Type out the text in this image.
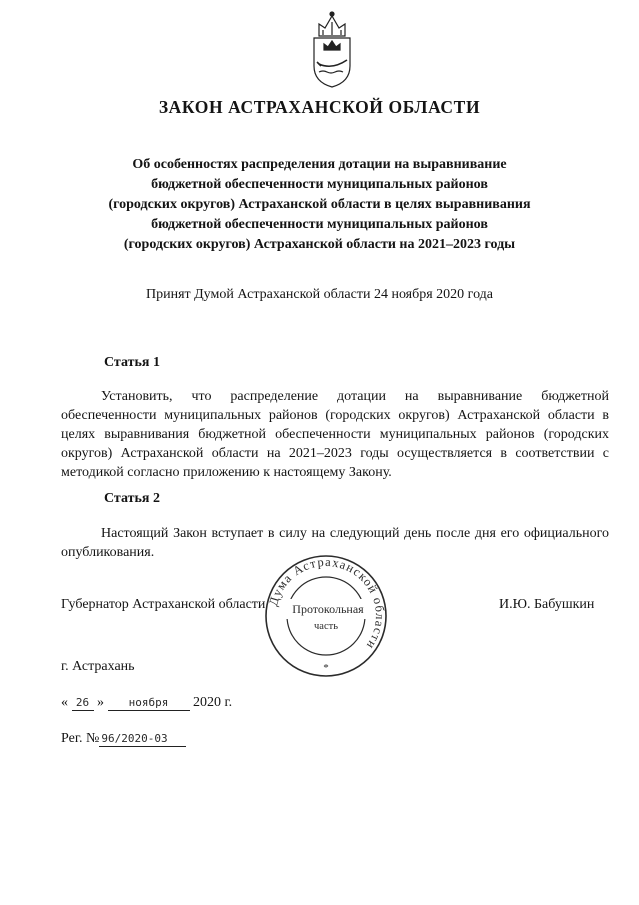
ЗАКОН АСТРАХАНСКОЙ ОБЛАСТИ
Об особенностях распределения дотации на выравнивание
бюджетной обеспеченности муниципальных районов
(городских округов) Астраханской области в целях выравнивания
бюджетной обеспеченности муниципальных районов
(городских округов) Астраханской области на 2021–2023 годы
Принят Думой Астраханской области 24 ноября 2020 года
Статья 1

Установить, что распределение дотации на выравнивание бюджетной обеспеченности муниципальных районов (городских округов) Астраханской области в целях выравнивания бюджетной обеспеченности муниципальных районов (городских округов) Астраханской области на 2021–2023 годы осуществляется в соответствии с методикой согласно приложению к настоящему Закону.

Статья 2

Настоящий Закон вступает в силу на следующий день после дня его официального опубликования.

Губернатор Астраханской области	И.Ю. Бабушкин
Дума Астраханской области
Протокольная
часть
*
г. Астрахань
« 26 » ноября 2020 г.
Рег. № 96/2020-03
